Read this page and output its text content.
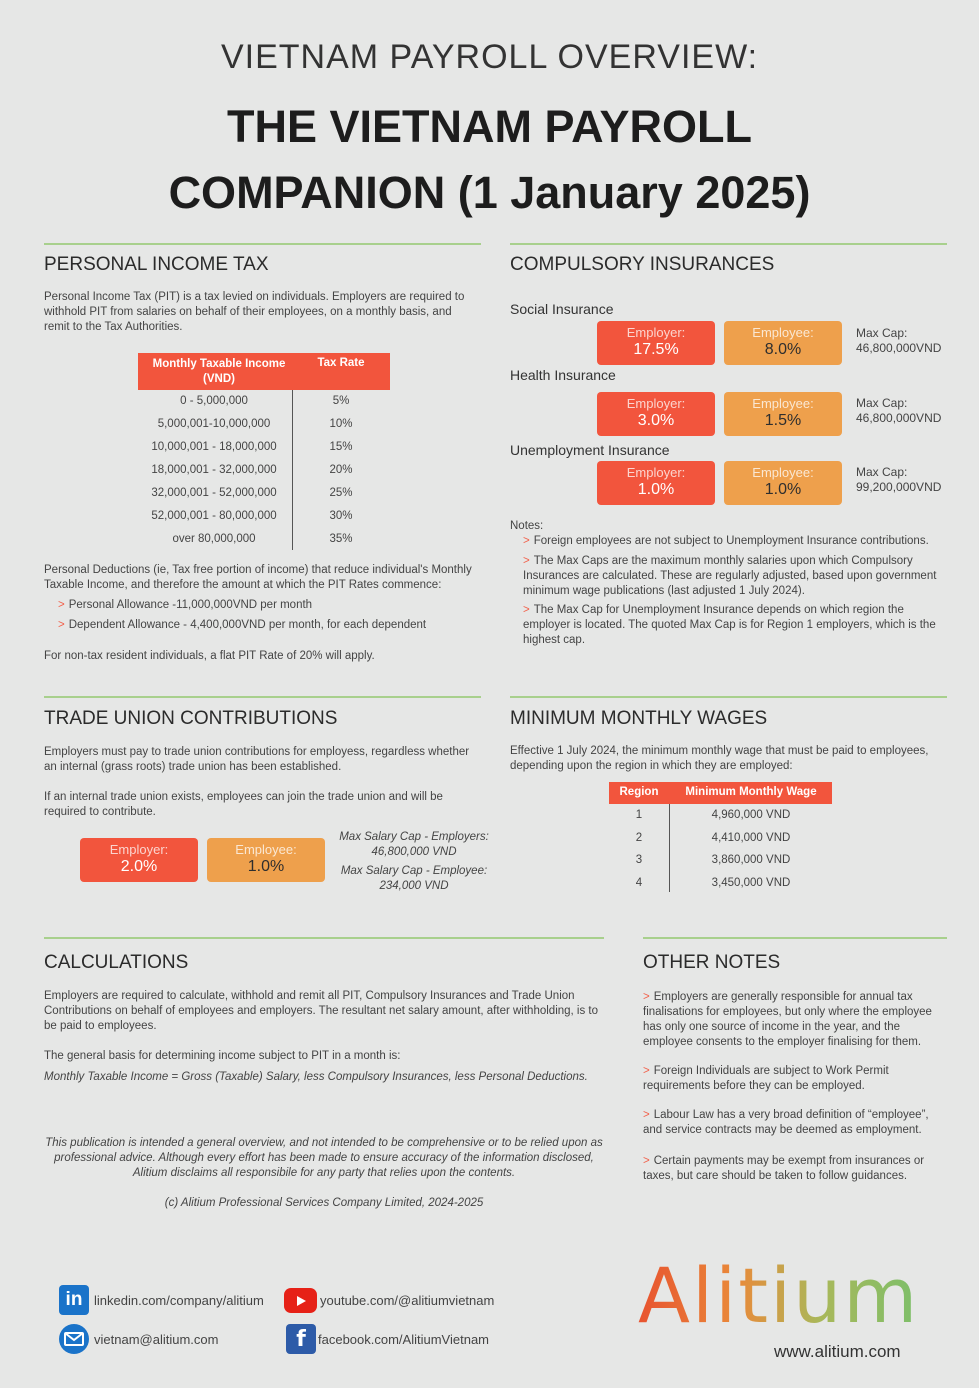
VIETNAM PAYROLL OVERVIEW:
THE VIETNAM PAYROLL
COMPANION (1 January 2025)
PERSONAL INCOME TAX
Personal Income Tax (PIT) is a tax levied on individuals. Employers are required to withhold PIT from salaries on behalf of their employees, on a monthly basis, and remit to the Tax Authorities.
Monthly Taxable Income (VND)
Tax Rate
0 - 5,000,000	5%
5,000,001-10,000,000	10%
10,000,001 - 18,000,000	15%
18,000,001 - 32,000,000	20%
32,000,001 - 52,000,000	25%
52,000,001 - 80,000,000	30%
over 80,000,000	35%
Personal Deductions (ie, Tax free portion of income) that reduce individual's Monthly Taxable Income, and therefore the amount at which the PIT Rates commence:
> Personal Allowance -11,000,000VND per month
> Dependent Allowance - 4,400,000VND per month, for each dependent
For non-tax resident individuals, a flat PIT Rate of 20% will apply.
COMPULSORY INSURANCES
Social Insurance
Employer:
17.5%
Employee:
8.0%
Max Cap:
46,800,000VND
Health Insurance
Employer:
3.0%
Employee:
1.5%
Max Cap:
46,800,000VND
Unemployment Insurance
Employer:
1.0%
Employee:
1.0%
Max Cap:
99,200,000VND
Notes:
> Foreign employees are not subject to Unemployment Insurance contributions.
> The Max Caps are the maximum monthly salaries upon which Compulsory Insurances are calculated. These are regularly adjusted, based upon government minimum wage publications (last adjusted 1 July 2024).
> The Max Cap for Unemployment Insurance depends on which region the employer is located. The quoted Max Cap is for Region 1 employers, which is the highest cap.
TRADE UNION CONTRIBUTIONS
Employers must pay to trade union contributions for employess, regardless whether an internal (grass roots) trade union has been established.
If an internal trade union exists, employees can join the trade union and will be required to contribute.
Employer:
2.0%
Employee:
1.0%
Max Salary Cap - Employers:
46,800,000 VND
Max Salary Cap - Employee:
234,000 VND
MINIMUM MONTHLY WAGES
Effective 1 July 2024, the minimum monthly wage that must be paid to employees, depending upon the region in which they are employed:
Region	Minimum Monthly Wage
1	4,960,000 VND
2	4,410,000 VND
3	3,860,000 VND
4	3,450,000 VND
CALCULATIONS
Employers are required to calculate, withhold and remit all PIT, Compulsory Insurances and Trade Union Contributions on behalf of employees and employers. The resultant net salary amount, after withholding, is to be paid to employees.
The general basis for determining income subject to PIT in a month is:
Monthly Taxable Income = Gross (Taxable) Salary, less Compulsory Insurances, less Personal Deductions.
This publication is intended a general overview, and not intended to be comprehensive or to be relied upon as professional advice. Although every effort has been made to ensure accuracy of the information disclosed, Alitium disclaims all responsibile for any party that relies upon the contents.
(c) Alitium Professional Services Company Limited, 2024-2025
OTHER NOTES
> Employers are generally responsible for annual tax finalisations for employees, but only where the employee has only one source of income in the year, and the employee consents to the employer finalising for them.
> Foreign Individuals are subject to Work Permit requirements before they can be employed.
> Labour Law has a very broad definition of “employee”, and service contracts may be deemed as employment.
> Certain payments may be exempt from insurances or taxes, but care should be taken to follow guidances.
in linkedin.com/company/alitium
vietnam@alitium.com
youtube.com/@alitiumvietnam
f facebook.com/AlitiumVietnam Alitium
www.alitium.com
